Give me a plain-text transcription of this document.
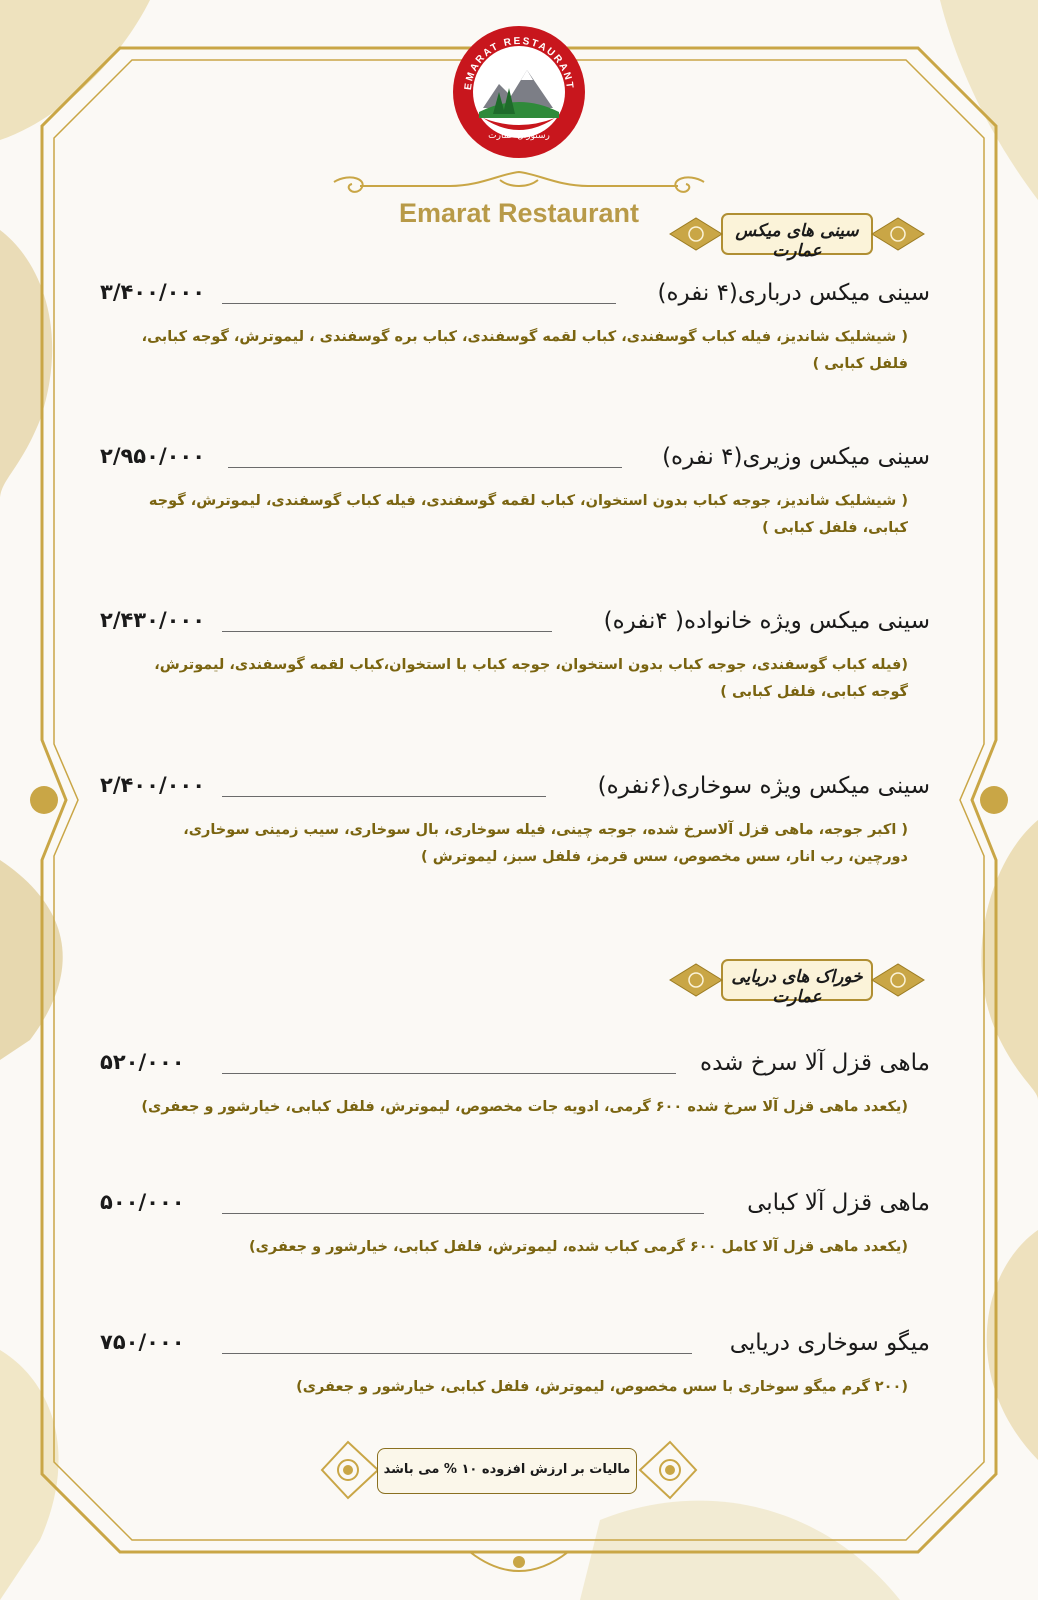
EMARAT RESTAURANT
رستوران عمارت
Emarat Restaurant
سینی های میکس عمارت
سینی میکس درباری(۴ نفره)
۳/۴۰۰/۰۰۰
( شیشلیک شاندیز، فیله کباب گوسفندی، کباب لقمه گوسفندی، کباب بره گوسفندی ، لیموترش، گوجه کبابی، فلفل کبابی )
سینی میکس وزیری(۴ نفره)
۲/۹۵۰/۰۰۰
( شیشلیک شاندیز، جوجه کباب بدون استخوان، کباب لقمه گوسفندی، فیله کباب گوسفندی، لیموترش، گوجه کبابی، فلفل کبابی )
سینی میکس ویژه خانواده( ۴نفره)
۲/۴۳۰/۰۰۰
(فیله کباب گوسفندی، جوجه کباب بدون استخوان، جوجه کباب با استخوان،کباب لقمه گوسفندی، لیموترش، گوجه کبابی، فلفل کبابی )
سینی میکس ویژه سوخاری(۶نفره)
۲/۴۰۰/۰۰۰
( اکبر جوجه، ماهی قزل آلاسرخ شده، جوجه چینی، فیله سوخاری، بال سوخاری، سیب زمینی سوخاری، دورچین، رب انار، سس مخصوص، سس قرمز، فلفل سبز، لیموترش )
خوراک های دریایی عمارت
ماهی قزل آلا سرخ شده
۵۲۰/۰۰۰
(یکعدد ماهی قزل آلا سرخ شده ۶۰۰ گرمی، ادویه جات مخصوص، لیموترش، فلفل کبابی، خیارشور و جعفری)
ماهی قزل آلا کبابی
۵۰۰/۰۰۰
(یکعدد ماهی قزل آلا کامل ۶۰۰ گرمی کباب شده، لیموترش، فلفل کبابی، خیارشور و جعفری)
میگو سوخاری دریایی
۷۵۰/۰۰۰
(۲۰۰ گرم میگو سوخاری با سس مخصوص، لیموترش، فلفل کبابی، خیارشور و جعفری)
مالیات بر ارزش افزوده ۱۰ % می باشد
